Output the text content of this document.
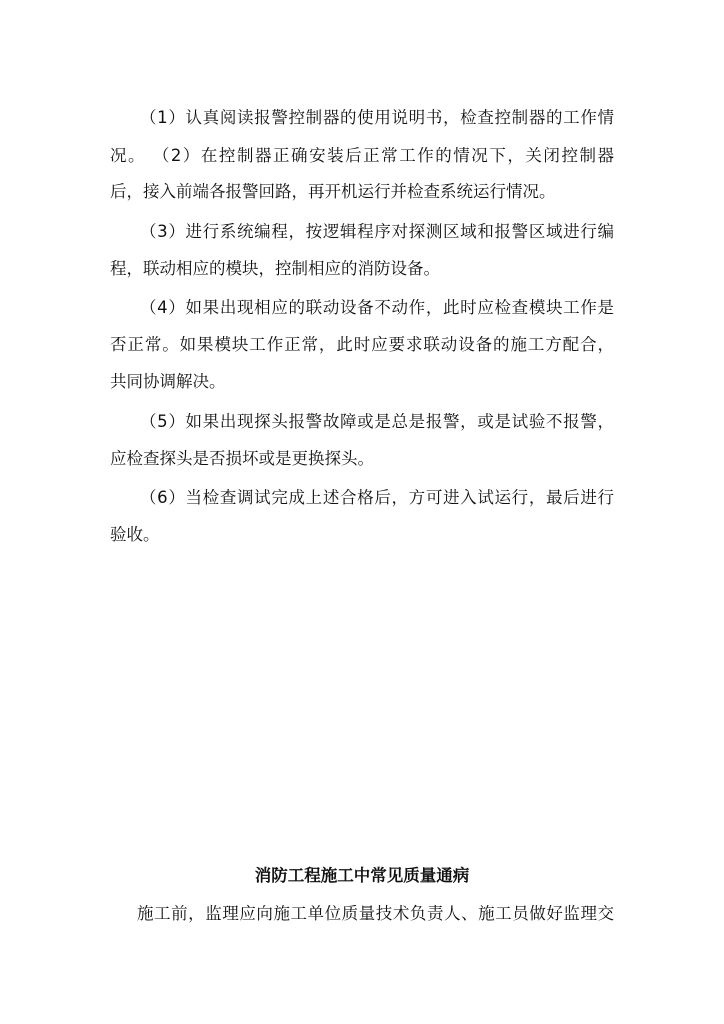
（1）认真阅读报警控制器的使用说明书，检查控制器的工作情
况。 （2）在控制器正确安装后正常工作的情况下，关闭控制器
后，接入前端各报警回路，再开机运行并检查系统运行情况。
（3）进行系统编程，按逻辑程序对探测区域和报警区域进行编
程，联动相应的模块，控制相应的消防设备。
（4）如果出现相应的联动设备不动作，此时应检查模块工作是
否正常。如果模块工作正常，此时应要求联动设备的施工方配合，
共同协调解决。
（5）如果出现探头报警故障或是总是报警，或是试验不报警，
应检查探头是否损坏或是更换探头。
（6）当检查调试完成上述合格后，方可进入试运行，最后进行
验收。
消防工程施工中常见质量通病
施工前，监理应向施工单位质量技术负责人、施工员做好监理交
